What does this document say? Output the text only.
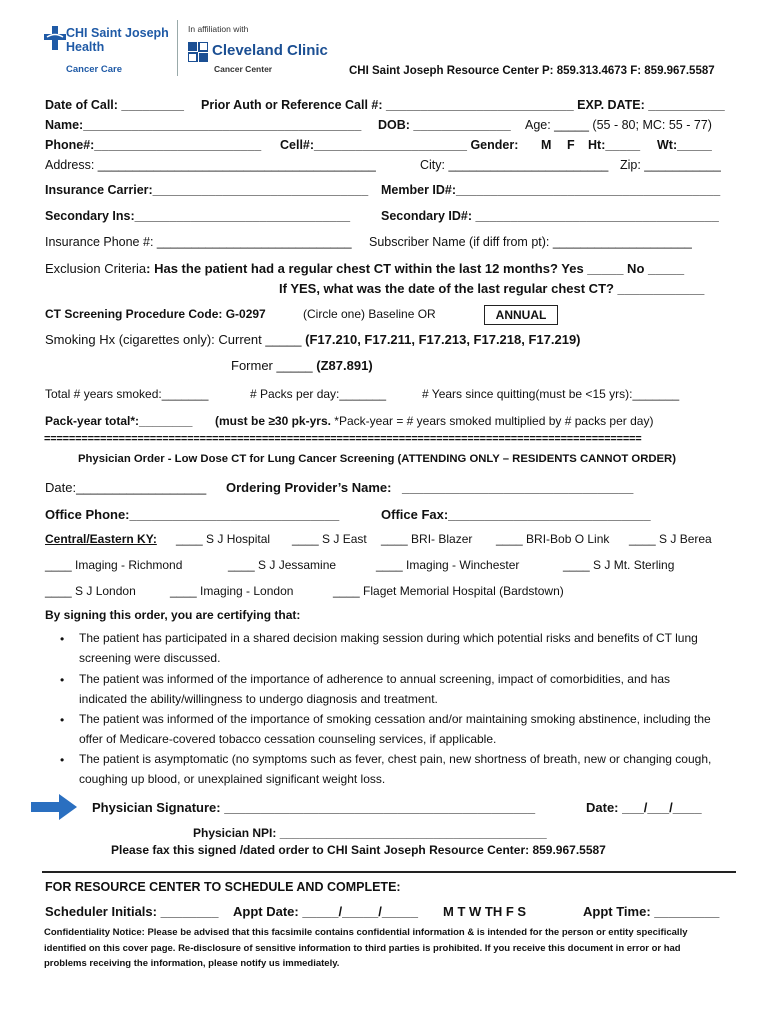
CHI Saint Joseph
Health
Cancer Care
In affiliation with
Cleveland Clinic
Cancer Center	CHI Saint Joseph Resource Center P: 859.313.4673 F: 859.967.5587
Date of Call: _________ Prior Auth or Reference Call #: ___________________________ EXP. DATE: ___________
Name:________________________________________ DOB: ______________ Age: _____ (55 - 80; MC: 55 - 77)
Phone#:________________________ Cell#:______________________ Gender: M F Ht:_____ Wt:_____
Address: ________________________________________	City: _______________________ Zip: ___________
Insurance Carrier:_______________________________ Member ID#:______________________________________
Secondary Ins:_______________________________ Secondary ID#: ___________________________________
Insurance Phone #: ____________________________ Subscriber Name (if diff from pt): ____________________
Exclusion Criteria: Has the patient had a regular chest CT within the last 12 months? Yes _____ No _____
If YES, what was the date of the last regular chest CT? ____________
CT Screening Procedure Code: G-0297	(Circle one) Baseline OR	ANNUAL
Smoking Hx (cigarettes only): Current _____ (F17.210, F17.211, F17.213, F17.218, F17.219)
Former _____ (Z87.891)
Total # years smoked:_______	# Packs per day:_______	# Years since quitting(must be <15 yrs):_______
Pack-year total*:________ (must be ≥30 pk-yrs. *Pack-year = # years smoked multiplied by # packs per day)
================================================================================================
Physician Order - Low Dose CT for Lung Cancer Screening (ATTENDING ONLY – RESIDENTS CANNOT ORDER)
Date:__________________ Ordering Provider’s Name: ________________________________
Office Phone:_____________________________	Office Fax:____________________________
Central/Eastern KY: ____ S J Hospital ____ S J East ____ BRI- Blazer ____ BRI-Bob O Link ____ S J Berea
____ Imaging - Richmond	____ S J Jessamine	____ Imaging - Winchester	____ S J Mt. Sterling
____ S J London	____ Imaging - London	____ Flaget Memorial Hospital (Bardstown)
By signing this order, you are certifying that:
• The patient has participated in a shared decision making session during which potential risks and benefits of CT lung screening were discussed.
• The patient was informed of the importance of adherence to annual screening, impact of comorbidities, and has indicated the ability/willingness to undergo diagnosis and treatment.
• The patient was informed of the importance of smoking cessation and/or maintaining smoking abstinence, including the offer of Medicare-covered tobacco cessation counseling services, if applicable.
• The patient is asymptomatic (no symptoms such as fever, chest pain, new shortness of breath, new or changing cough, coughing up blood, or unexplained significant weight loss.
Physician Signature: ___________________________________________	Date: ___/___/____
Physician NPI: ________________________________________
Please fax this signed /dated order to CHI Saint Joseph Resource Center: 859.967.5587
FOR RESOURCE CENTER TO SCHEDULE AND COMPLETE:
Scheduler Initials: ________ Appt Date: _____/_____/_____ M T W TH F S	Appt Time: _________
Confidentiality Notice: Please be advised that this facsimile contains confidential information & is intended for the person or entity specifically identified on this cover page. Re-disclosure of sensitive information to third parties is prohibited. If you receive this document in error or had problems receiving the information, please notify us immediately.
